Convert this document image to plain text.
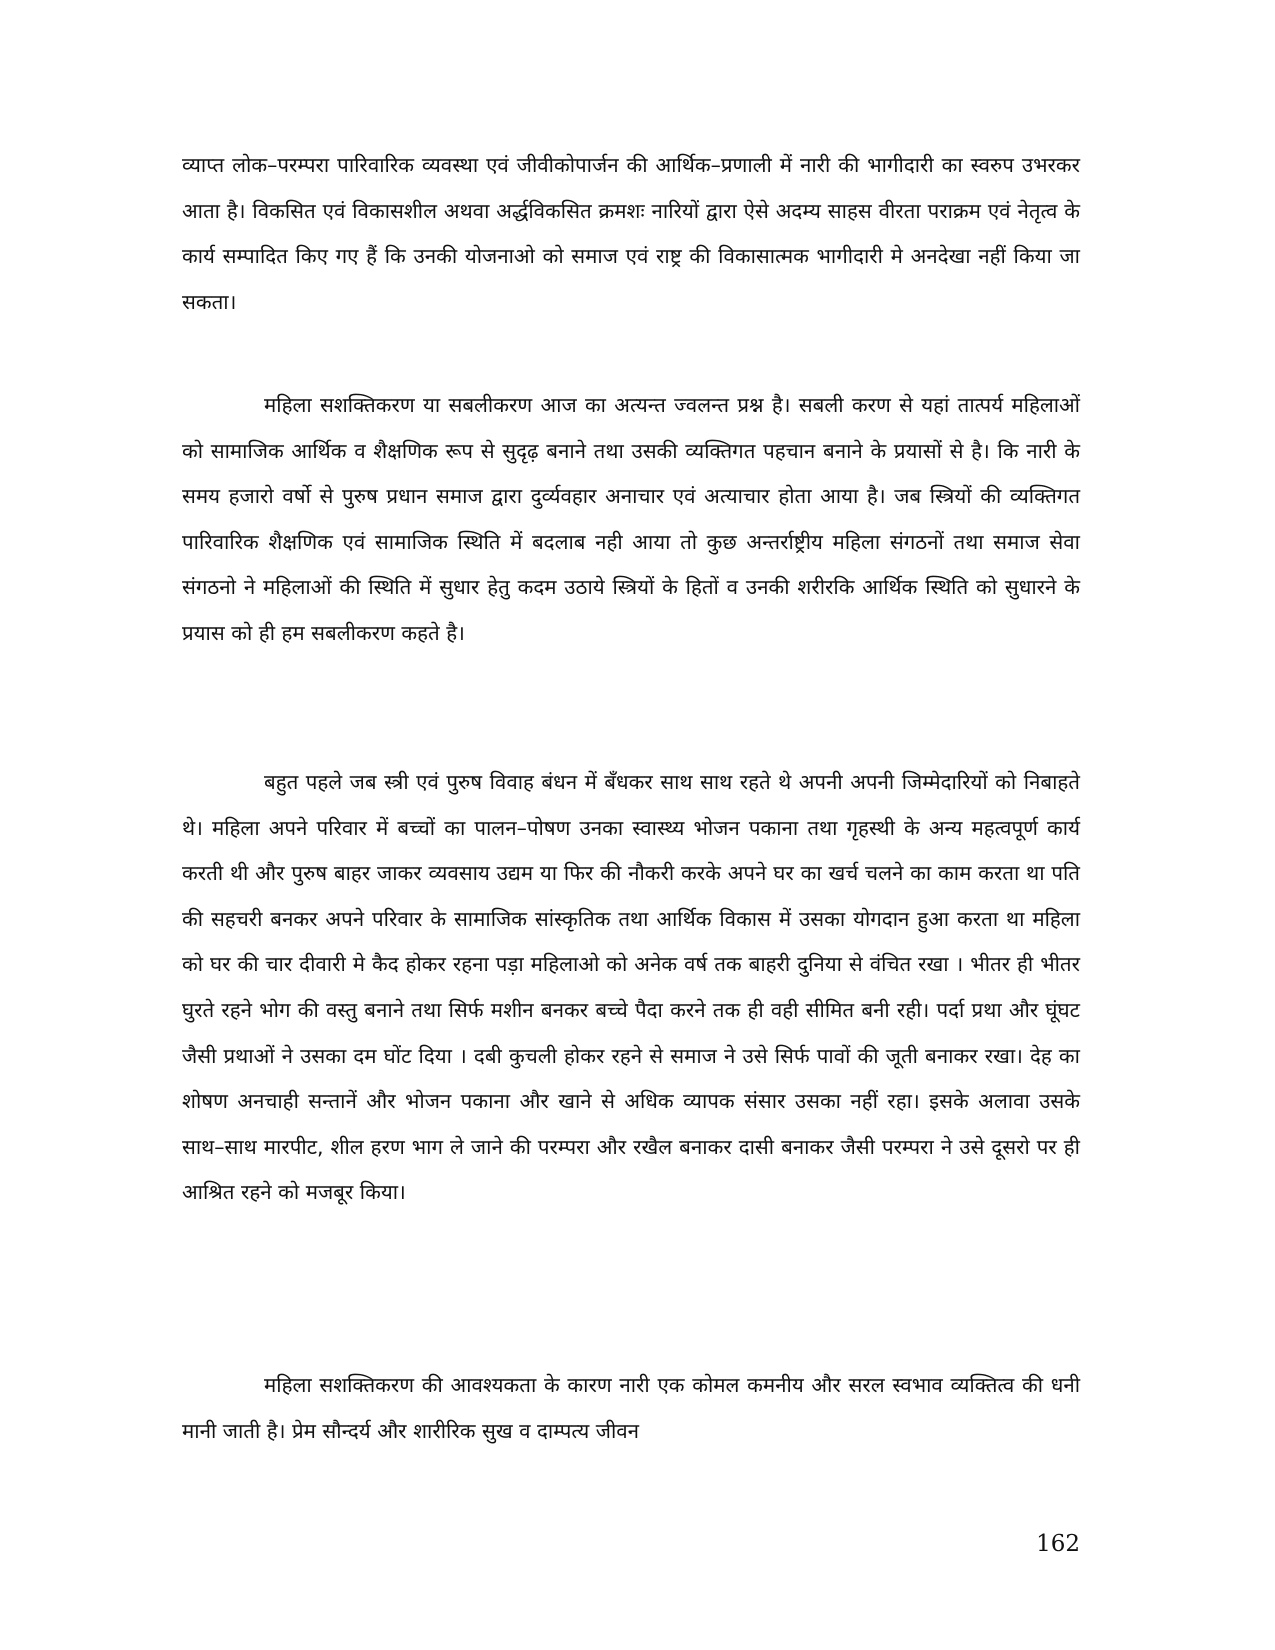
व्याप्त लोक–परम्परा पारिवारिक व्यवस्था एवं जीवीकोपार्जन की आर्थिक–प्रणाली में नारी की भागीदारी का स्वरुप उभरकर आता है। विकसित एवं विकासशील अथवा अर्द्धविकसित क्रमशः नारियों द्वारा ऐसे अदम्य साहस वीरता पराक्रम एवं नेतृत्व के कार्य सम्पादित किए गए हैं कि उनकी योजनाओ को समाज एवं राष्ट्र की विकासात्मक भागीदारी मे अनदेखा नहीं किया जा सकता।

महिला सशक्तिकरण या सबलीकरण आज का अत्यन्त ज्वलन्त प्रश्न है। सबली करण से यहां तात्पर्य महिलाओं को सामाजिक आर्थिक व शैक्षणिक रूप से सुदृढ़ बनाने तथा उसकी व्यक्तिगत पहचान बनाने के प्रयासों से है। कि नारी के समय हजारो वर्षो से पुरुष प्रधान समाज द्वारा दुर्व्यवहार अनाचार एवं अत्याचार होता आया है। जब स्त्रियों की व्यक्तिगत पारिवारिक शैक्षणिक एवं सामाजिक स्थिति में बदलाब नही आया तो कुछ अन्तर्राष्ट्रीय महिला संगठनों तथा समाज सेवा संगठनो ने महिलाओं की स्थिति में सुधार हेतु कदम उठाये स्त्रियों के हितों व उनकी शरीरकि आर्थिक स्थिति को सुधारने के प्रयास को ही हम सबलीकरण कहते है।

बहुत पहले जब स्त्री एवं पुरुष विवाह बंधन में बँधकर साथ साथ रहते थे अपनी अपनी जिम्मेदारियों को निबाहते थे। महिला अपने परिवार में बच्चों का पालन–पोषण उनका स्वास्थ्य भोजन पकाना तथा गृहस्थी के अन्य महत्वपूर्ण कार्य करती थी और पुरुष बाहर जाकर व्यवसाय उद्यम या फिर की नौकरी करके अपने घर का खर्च चलने का काम करता था पति की सहचरी बनकर अपने परिवार के सामाजिक सांस्कृतिक तथा आर्थिक विकास में उसका योगदान हुआ करता था महिला को घर की चार दीवारी मे कैद होकर रहना पड़ा महिलाओ को अनेक वर्ष तक बाहरी दुनिया से वंचित रखा । भीतर ही भीतर घुरते रहने भोग की वस्तु बनाने तथा सिर्फ मशीन बनकर बच्चे पैदा करने तक ही वही सीमित बनी रही। पर्दा प्रथा और घूंघट जैसी प्रथाओं ने उसका दम घोंट दिया । दबी कुचली होकर रहने से समाज ने उसे सिर्फ पावों की जूती बनाकर रखा। देह का शोषण अनचाही सन्तानें और भोजन पकाना और खाने से अधिक व्यापक संसार उसका नहीं रहा। इसके अलावा उसके साथ–साथ मारपीट, शील हरण भाग ले जाने की परम्परा और रखैल बनाकर दासी बनाकर जैसी परम्परा ने उसे दूसरो पर ही आश्रित रहने को मजबूर किया।

महिला सशक्तिकरण की आवश्यकता के कारण नारी एक कोमल कमनीय और सरल स्वभाव व्यक्तित्व की धनी मानी जाती है। प्रेम सौन्दर्य और शारीरिक सुख व दाम्पत्य जीवन

162
